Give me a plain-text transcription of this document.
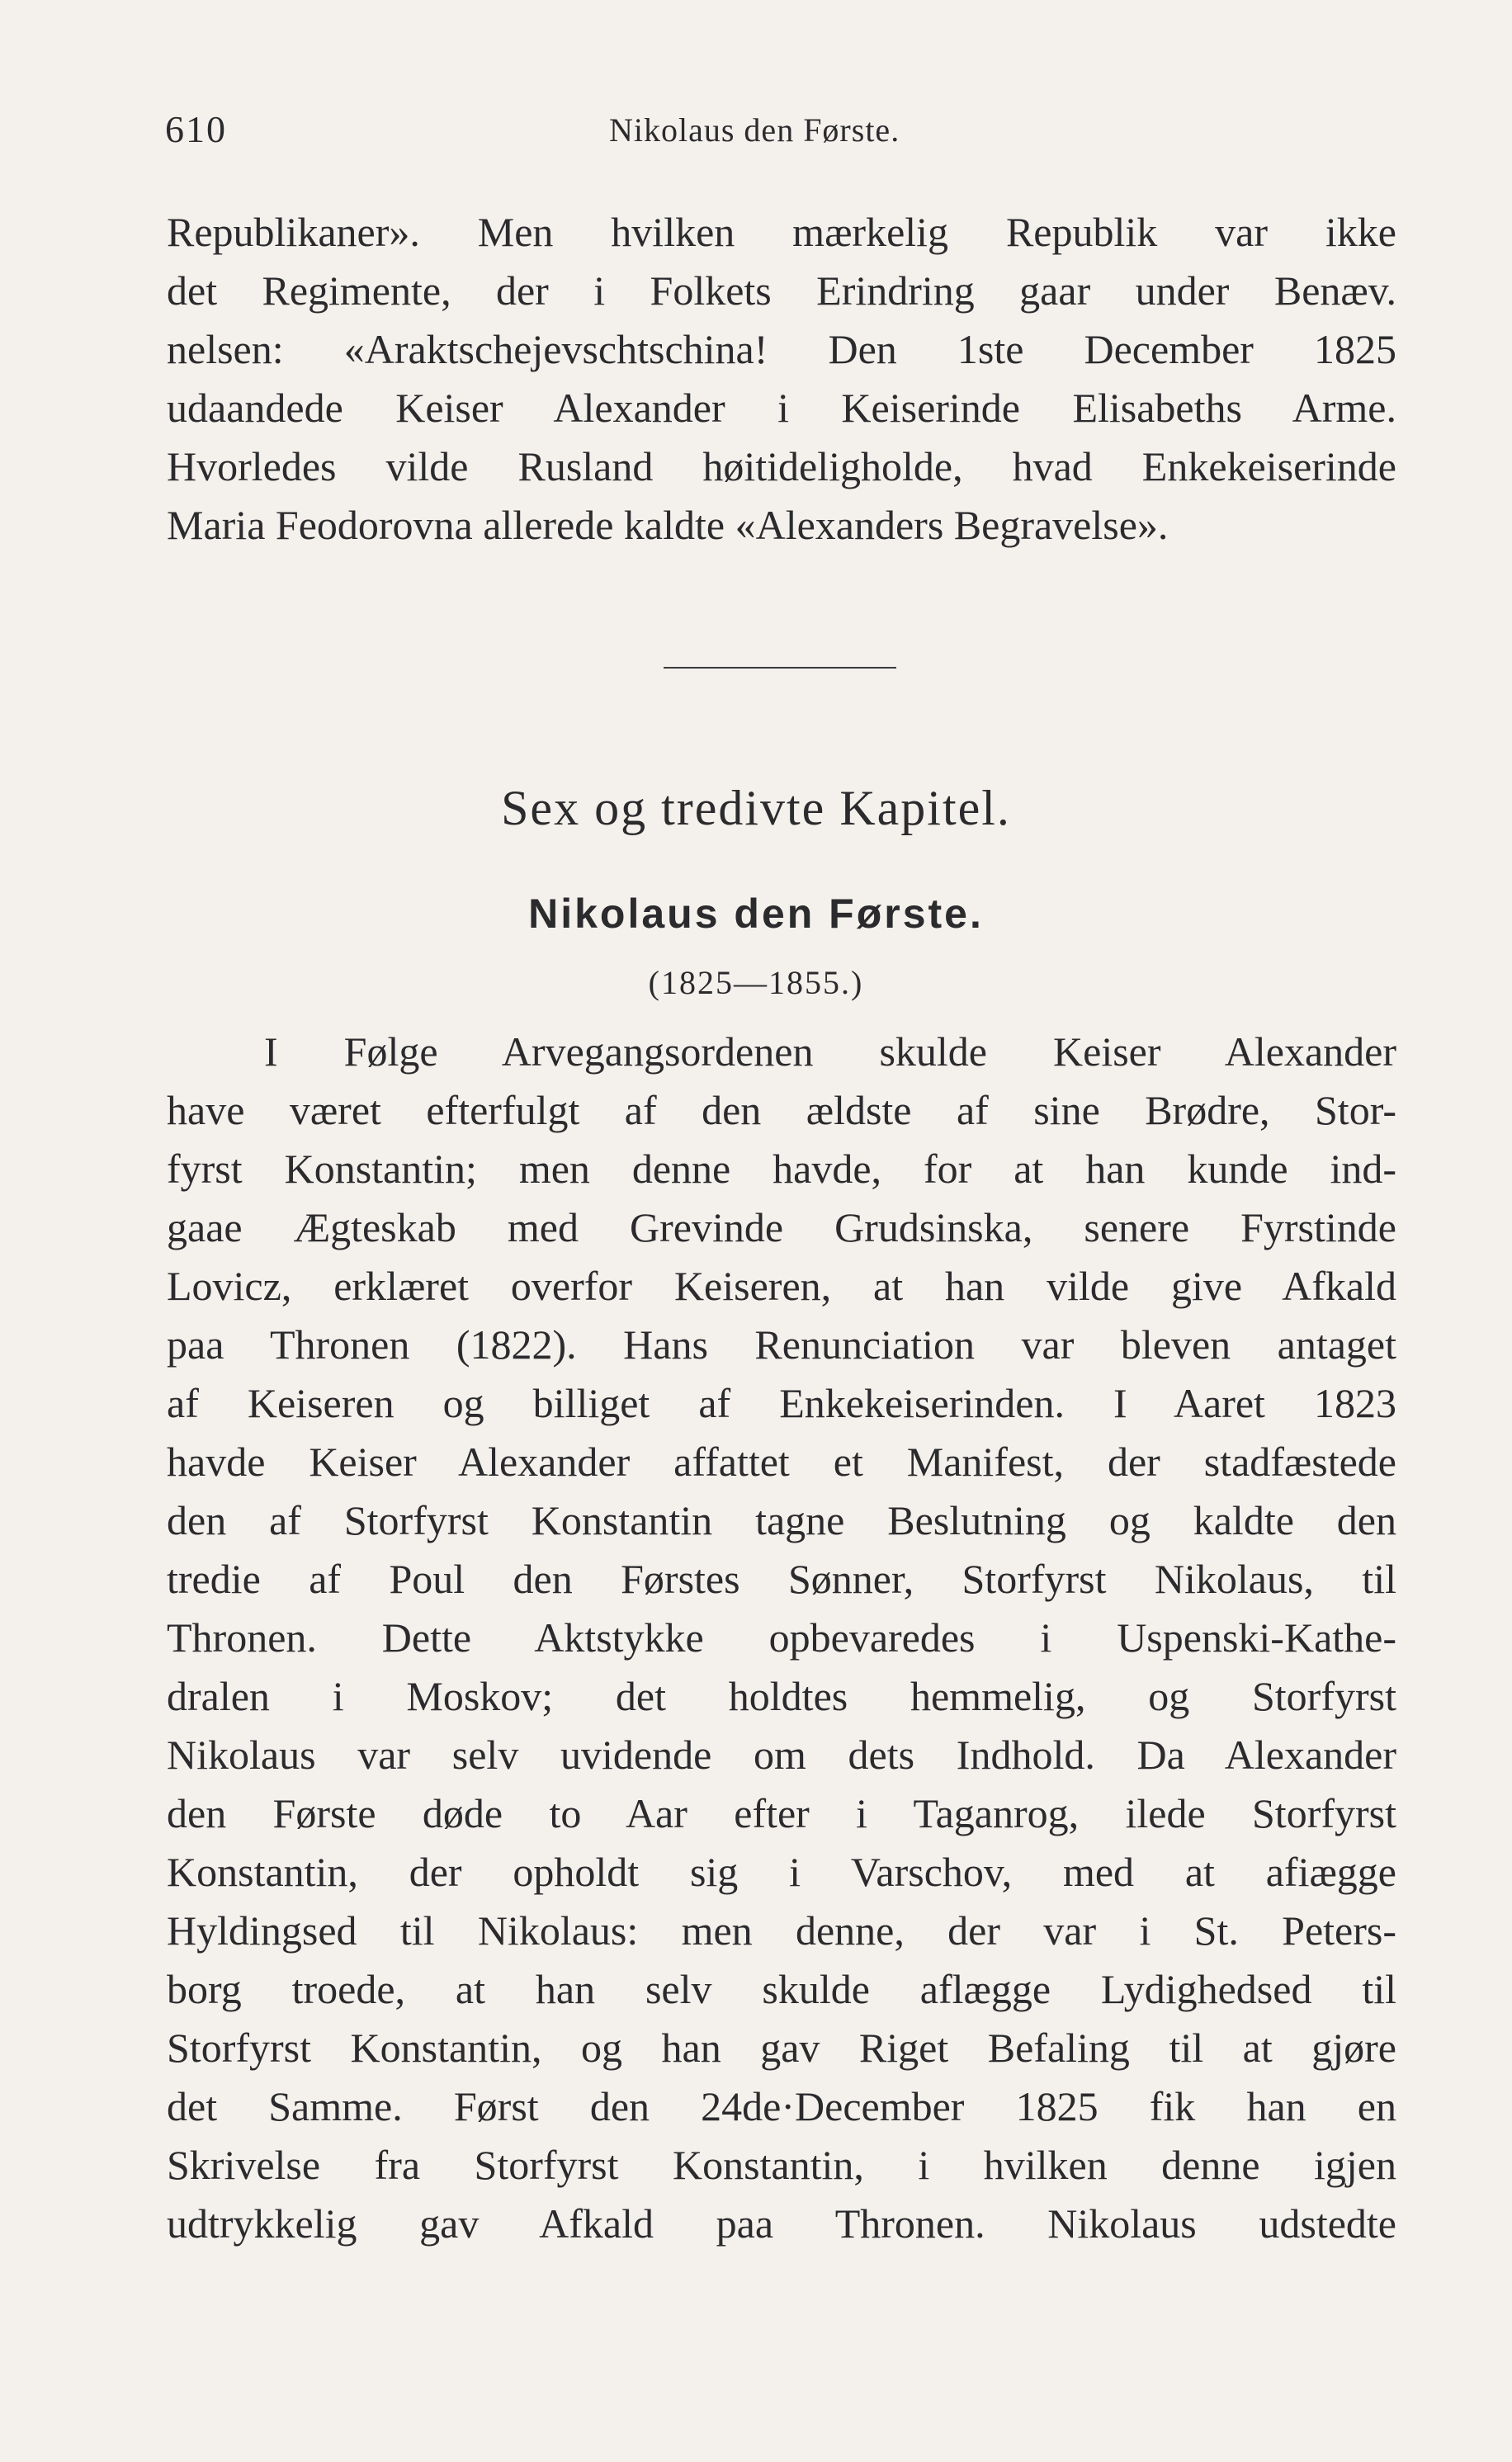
610	Nikolaus den Første.
Republikaner». Men hvilken mærkelig Republik var ikke
det Regimente, der i Folkets Erindring gaar under Benæv.
nelsen: «Araktschejevschtschina! Den 1ste December 1825
udaandede Keiser Alexander i Keiserinde Elisabeths Arme.
Hvorledes vilde Rusland høitideligholde, hvad Enkekeiserinde
Maria Feodorovna allerede kaldte «Alexanders Begravelse».
Sex og tredivte Kapitel.
Nikolaus den Første.
(1825—1855.)
I Følge Arvegangsordenen skulde Keiser Alexander
have været efterfulgt af den ældste af sine Brødre, Stor-
fyrst Konstantin; men denne havde, for at han kunde ind-
gaae Ægteskab med Grevinde Grudsinska, senere Fyrstinde
Lovicz, erklæret overfor Keiseren, at han vilde give Afkald
paa Thronen (1822). Hans Renunciation var bleven antaget
af Keiseren og billiget af Enkekeiserinden. I Aaret 1823
havde Keiser Alexander affattet et Manifest, der stadfæstede
den af Storfyrst Konstantin tagne Beslutning og kaldte den
tredie af Poul den Førstes Sønner, Storfyrst Nikolaus, til
Thronen. Dette Aktstykke opbevaredes i Uspenski-Kathe-
dralen i Moskov; det holdtes hemmelig, og Storfyrst
Nikolaus var selv uvidende om dets Indhold. Da Alexander
den Første døde to Aar efter i Taganrog, ilede Storfyrst
Konstantin, der opholdt sig i Varschov, med at afiægge
Hyldingsed til Nikolaus: men denne, der var i St. Peters-
borg troede, at han selv skulde aflægge Lydighedsed til
Storfyrst Konstantin, og han gav Riget Befaling til at gjøre
det Samme. Først den 24de·December 1825 fik han en
Skrivelse fra Storfyrst Konstantin, i hvilken denne igjen
udtrykkelig gav Afkald paa Thronen. Nikolaus udstedte
